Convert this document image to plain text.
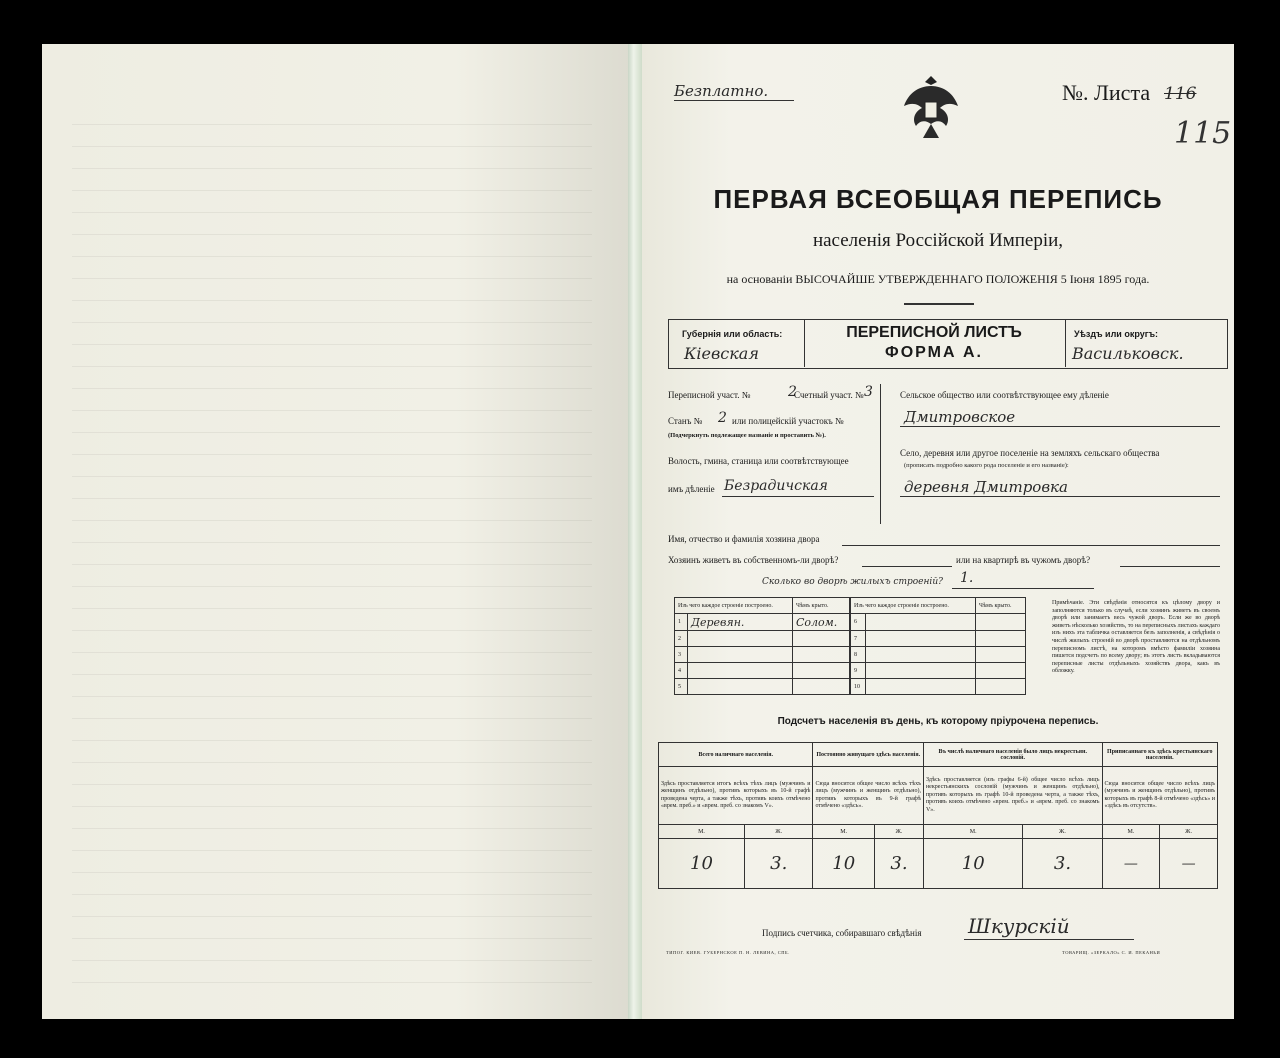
Безплатно.	№. Листа 116
115
ПЕРВАЯ ВСЕОБЩАЯ ПЕРЕПИСЬ
населенія Россійской Имперіи,
на основаніи ВЫСОЧАЙШЕ УТВЕРЖДЕННАГО ПОЛОЖЕНІЯ 5 Іюня 1895 года.
Губернія или область:
Кіевская
ПЕРЕПИСНОЙ ЛИСТЪ
ФОРМА А.
Уѣздъ или округъ:
Васильковск.
Переписной участ. №	2
Счетный участ. № 3
Станъ № 2 или полицейскій участокъ №
(Подчеркнуть подлежащее названіе и проставить №).
Волость, гмина, станица или соотвѣтствующее
имъ дѣленіе Безрадичская
Сельское общество или соотвѣтствующее ему дѣленіе
Дмитровское
Село, деревня или другое поселеніе на земляхъ сельскаго общества
(прописать подробно какого рода поселеніе и его названіе):
деревня Дмитровка
Имя, отчество и фамилія хозяина двора
Хозяинъ живетъ въ собственномъ-ли дворѣ?	или на квартирѣ въ чужомъ дворѣ?
Сколько во дворѣ жилыхъ строеній? 1.
Изъ чего каждое строеніе построено.		Чѣмъ крыто.
1	Деревян.	Солом.
2		
3		
4		
5		
Изъ чего каждое строеніе построено.		Чѣмъ крыто.
6		
7		
8		
9		
10		
Примѣчаніе. Эти свѣдѣнія относятся къ цѣлому двору и заполняются только въ случаѣ, если хозяинъ живетъ въ своемъ дворѣ или занимаетъ весь чужой дворъ. Если же во дворѣ живетъ нѣсколько хозяйствъ, то на переписныхъ листахъ каждаго изъ нихъ эта табличка оставляется безъ заполненія, а свѣдѣнія о числѣ жилыхъ строеній во дворѣ проставляются на отдѣльномъ переписномъ листѣ, на которомъ вмѣсто фамиліи хозяина пишется подсчетъ по всему двору; въ этотъ листъ вкладываются переписные листы отдѣльныхъ хозяйствъ двора, какъ въ обложку.
Подсчетъ населенія въ день, къ которому пріурочена перепись.
Всего наличнаго населенія.		Постоянно живущаго здѣсь населенія.		Въ числѣ наличнаго населенія было лицъ некрестьян. сословій.		Приписаннаго къ здѣсь крестьянскаго населенія.	
Здѣсь проставляется итогъ всѣхъ тѣхъ лицъ (мужчинъ и женщинъ отдѣльно), противъ которыхъ въ 10-й графѣ проведена черта, а также тѣхъ, противъ коихъ отмѣчено «врем. преб.» и «врем. преб. со знакомъ V».		Сюда вносится общее число всѣхъ тѣхъ лицъ (мужчинъ и женщинъ отдѣльно), противъ которыхъ въ 9-й графѣ отмѣчено «здѣсь».		Здѣсь проставляется (изъ графы 6-й) общее число всѣхъ лицъ некрестьянскихъ сословій (мужчинъ и женщинъ отдѣльно), противъ которыхъ въ графѣ 10-й проведена черта, а также тѣхъ, противъ коихъ отмѣчено «врем. преб.» и «врем. преб. со знакомъ V».		Сюда вносится общее число всѣхъ лицъ (мужчинъ и женщинъ отдѣльно), противъ которыхъ въ графѣ 8-й отмѣчено «здѣсь» и «здѣсь въ отсутств».	
М.	Ж.	М.	Ж.	М.	Ж.	М.	Ж.
10	3.	10	3.	10	3.	—	—
Подпись счетчика, собиравшаго свѣдѣнія Шкурскій
ТИПОГ. КИЕВ. ГУБЕРНСКОЕ П. Н. ЛЕВИНА, СПБ.	ТОВАРИЩ. «ЗЕРКАЛО» С. И. ПЕКАНЬИ
